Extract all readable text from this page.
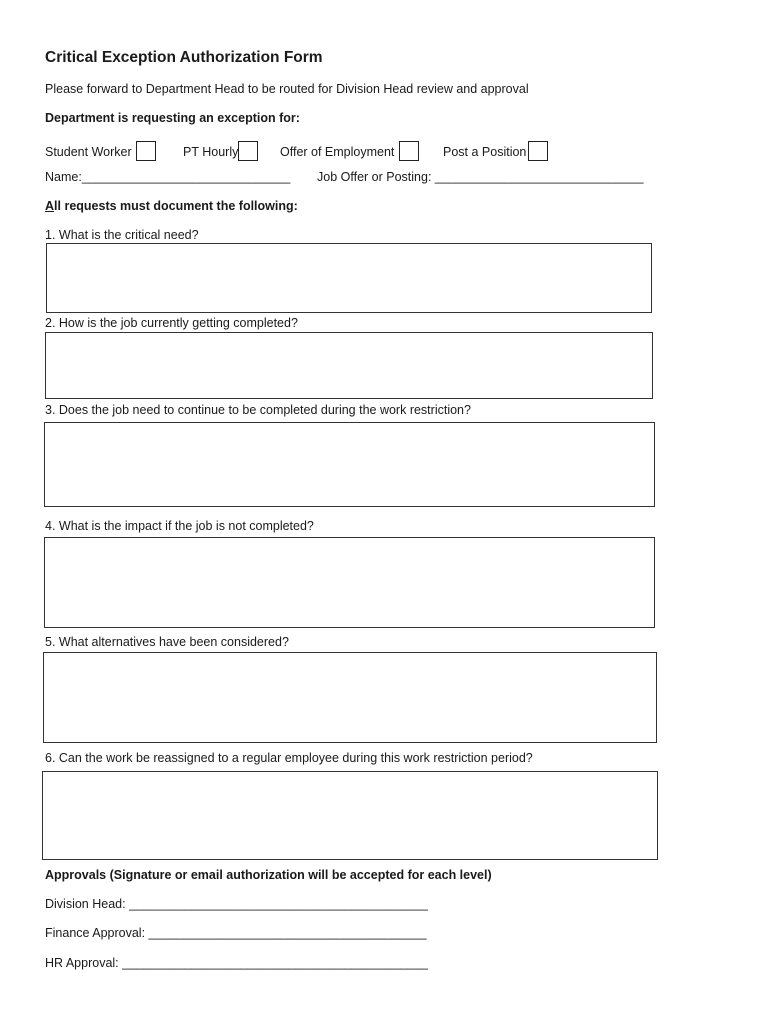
Critical Exception Authorization Form
Please forward to Department Head to be routed for Division Head review and approval
Department is requesting an exception for:
Student Worker	PT Hourly	Offer of Employment	Post a Position
Name:______________________________ Job Offer or Posting: ______________________________
All requests must document the following:
1. What is the critical need?
2. How is the job currently getting completed?
3. Does the job need to continue to be completed during the work restriction?
4. What is the impact if the job is not completed?
5. What alternatives have been considered?
6. Can the work be reassigned to a regular employee during this work restriction period?
Approvals (Signature or email authorization will be accepted for each level)
Division Head: ___________________________________________
Finance Approval: ________________________________________
HR Approval: ____________________________________________
